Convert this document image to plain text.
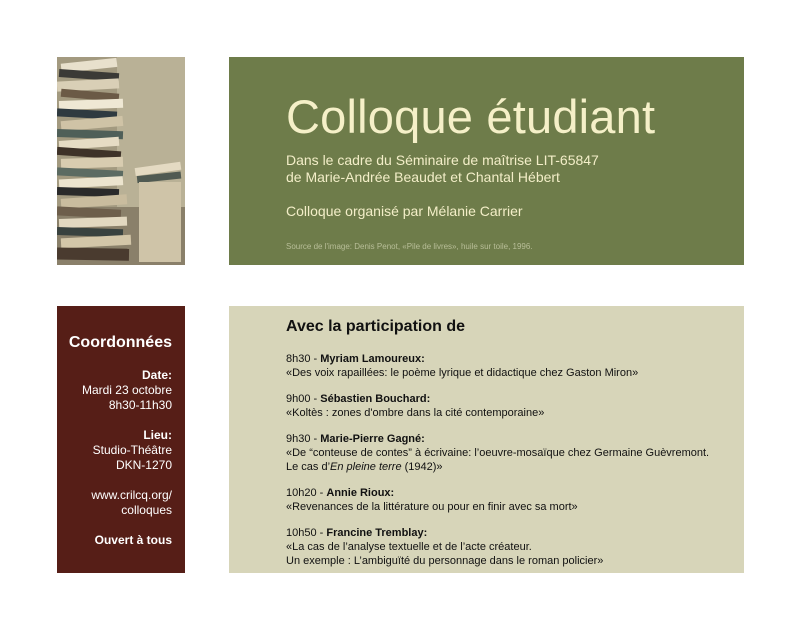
Colloque étudiant
Dans le cadre du Séminaire de maîtrise LIT-65847
de Marie-Andrée Beaudet et Chantal Hébert
Colloque organisé par Mélanie Carrier
Source de l'image: Denis Penot, «Pile de livres», huile sur toile, 1996.
Coordonnées
Date:
Mardi 23 octobre
8h30-11h30
Lieu:
Studio-Théâtre
DKN-1270
www.crilcq.org/
colloques
Ouvert à tous
Avec la participation de
8h30 - Myriam Lamoureux:
«Des voix rapaillées: le poème lyrique et didactique chez Gaston Miron»
9h00 - Sébastien Bouchard:
«Koltès : zones d'ombre dans la cité contemporaine»
9h30 - Marie-Pierre Gagné:
«De “conteuse de contes” à écrivaine: l’oeuvre-mosaïque chez Germaine Guèvremont.
Le cas d’En pleine terre (1942)»
10h20 - Annie Rioux:
«Revenances de la littérature ou pour en finir avec sa mort»
10h50 - Francine Tremblay:
«La cas de l’analyse textuelle et de l’acte créateur.
Un exemple : L’ambiguïté du personnage dans le roman policier»
